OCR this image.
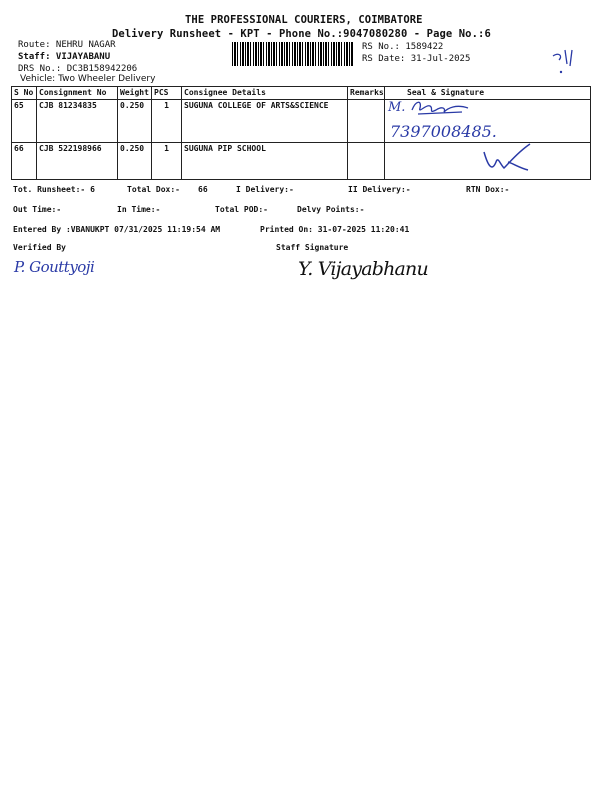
THE PROFESSIONAL COURIERS, COIMBATORE
Delivery Runsheet - KPT - Phone No.:9047080280 - Page No.:6
Route: NEHRU NAGAR
Staff: VIJAYABANU
DRS No.: DC3B158942206
Vehicle: Two Wheeler Delivery
RS No.: 1589422
RS Date: 31-Jul-2025
S No	Consignment No	Weight	PCS	Consignee Details	Remarks	Seal & Signature
65	CJB 81234835	0.250	1	SUGUNA COLLEGE OF ARTS&SCIENCE		
66	CJB 522198966	0.250	1	SUGUNA PIP SCHOOL		
M.
7397008485.
Tot. Runsheet:- 6	Total Dox:- 66	I Delivery:-	II Delivery:-	RTN Dox:-
Out Time:-	In Time:-	Total POD:-	Delvy Points:-
Entered By :VBANUKPT 07/31/2025 11:19:54 AM	Printed On: 31-07-2025 11:20:41
Verified By	Staff Signature
P. Gouttyoji	Y. Vijayabhanu
